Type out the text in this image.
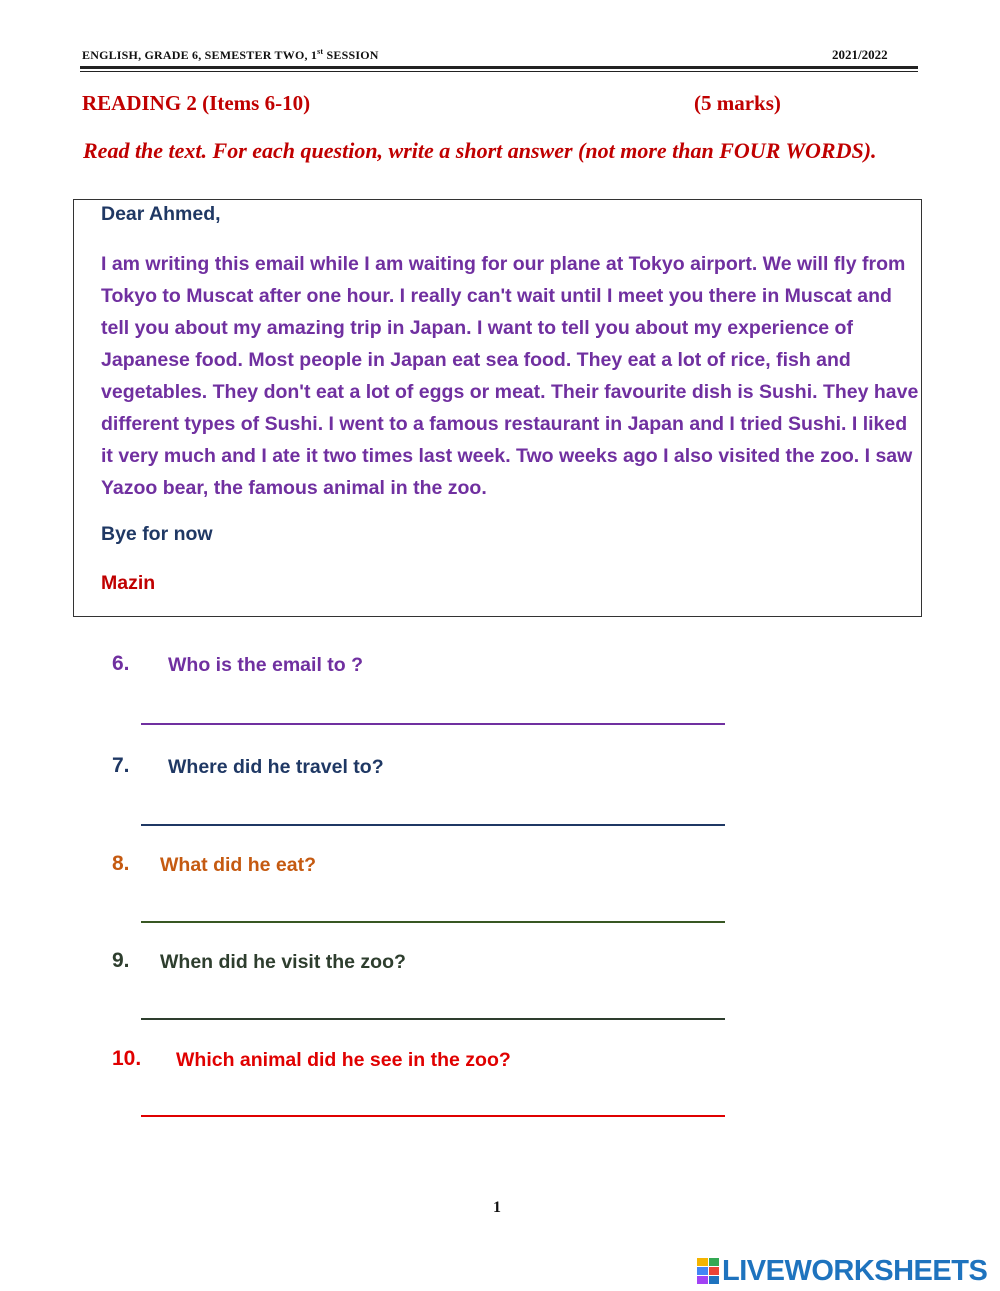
ENGLISH, GRADE 6, SEMESTER TWO, 1st SESSION	2021/2022
READING 2 (Items 6-10)	(5 marks)
Read the text. For each question, write a short answer (not more than FOUR WORDS).
Dear Ahmed,
I am writing this email while I am waiting for our plane at Tokyo airport. We will fly from Tokyo to Muscat after one hour. I really can't wait until I meet you there in Muscat and tell you about my amazing trip in Japan. I want to tell you about my experience of Japanese food. Most people in Japan eat sea food. They eat a lot of rice, fish and vegetables. They don't eat a lot of eggs or meat. Their favourite dish is Sushi. They have different types of Sushi. I went to a famous restaurant in Japan and I tried Sushi. I liked it very much and I ate it two times last week. Two weeks ago I also visited the zoo. I saw Yazoo bear, the famous animal in the zoo.
Bye for now
Mazin
6. Who is the email to ?
7. Where did he travel to?
8. What did he eat?
9. When did he visit the zoo?
10. Which animal did he see in the zoo?
1
LIVEWORKSHEETS
